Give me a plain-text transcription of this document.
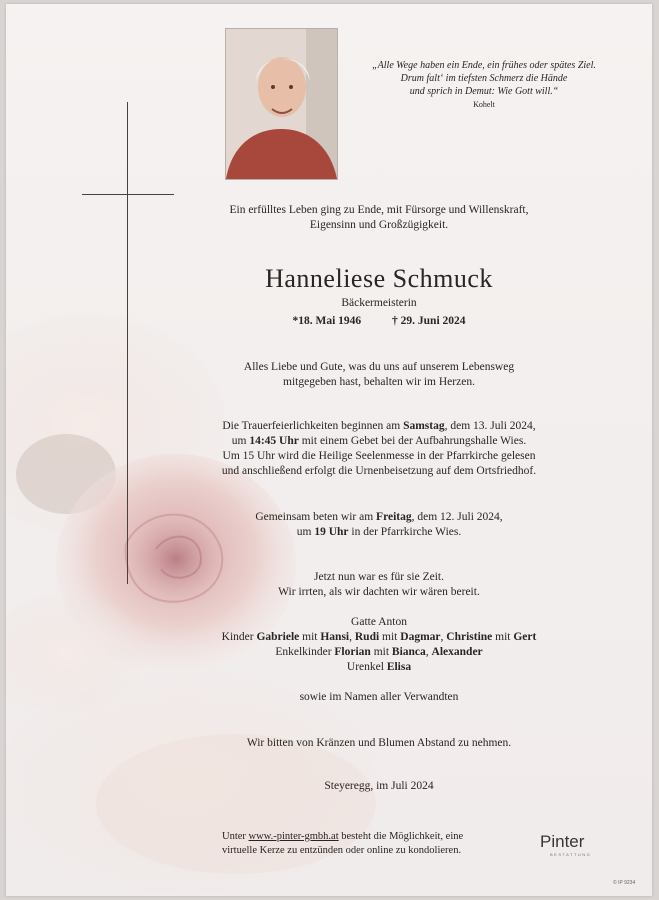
„Alle Wege haben ein Ende, ein frühes oder spätes Ziel.
Drum falt‘ im tiefsten Schmerz die Hände
und sprich in Demut: Wie Gott will.“
Kohelt
Ein erfülltes Leben ging zu Ende, mit Fürsorge und Willenskraft,
Eigensinn und Großzügigkeit.
Hanneliese Schmuck
Bäckermeisterin
*18. Mai 1946	† 29. Juni 2024
Alles Liebe und Gute, was du uns auf unserem Lebensweg
mitgegeben hast, behalten wir im Herzen.
Die Trauerfeierlichkeiten beginnen am Samstag, dem 13. Juli 2024,
um 14:45 Uhr mit einem Gebet bei der Aufbahrungshalle Wies.
Um 15 Uhr wird die Heilige Seelenmesse in der Pfarrkirche gelesen
und anschließend erfolgt die Urnenbeisetzung auf dem Ortsfriedhof.
Gemeinsam beten wir am Freitag, dem 12. Juli 2024,
um 19 Uhr in der Pfarrkirche Wies.
Jetzt nun war es für sie Zeit.
Wir irrten, als wir dachten wir wären bereit.
Gatte Anton
Kinder Gabriele mit Hansi, Rudi mit Dagmar, Christine mit Gert
Enkelkinder Florian mit Bianca, Alexander
Urenkel Elisa
sowie im Namen aller Verwandten
Wir bitten von Kränzen und Blumen Abstand zu nehmen.
Steyeregg, im Juli 2024
Unter www.-pinter-gmbh.at besteht die Möglichkeit, eine
virtuelle Kerze zu entzünden oder online zu kondolieren.	Pinter
BESTATTUNG
© IP 9234
